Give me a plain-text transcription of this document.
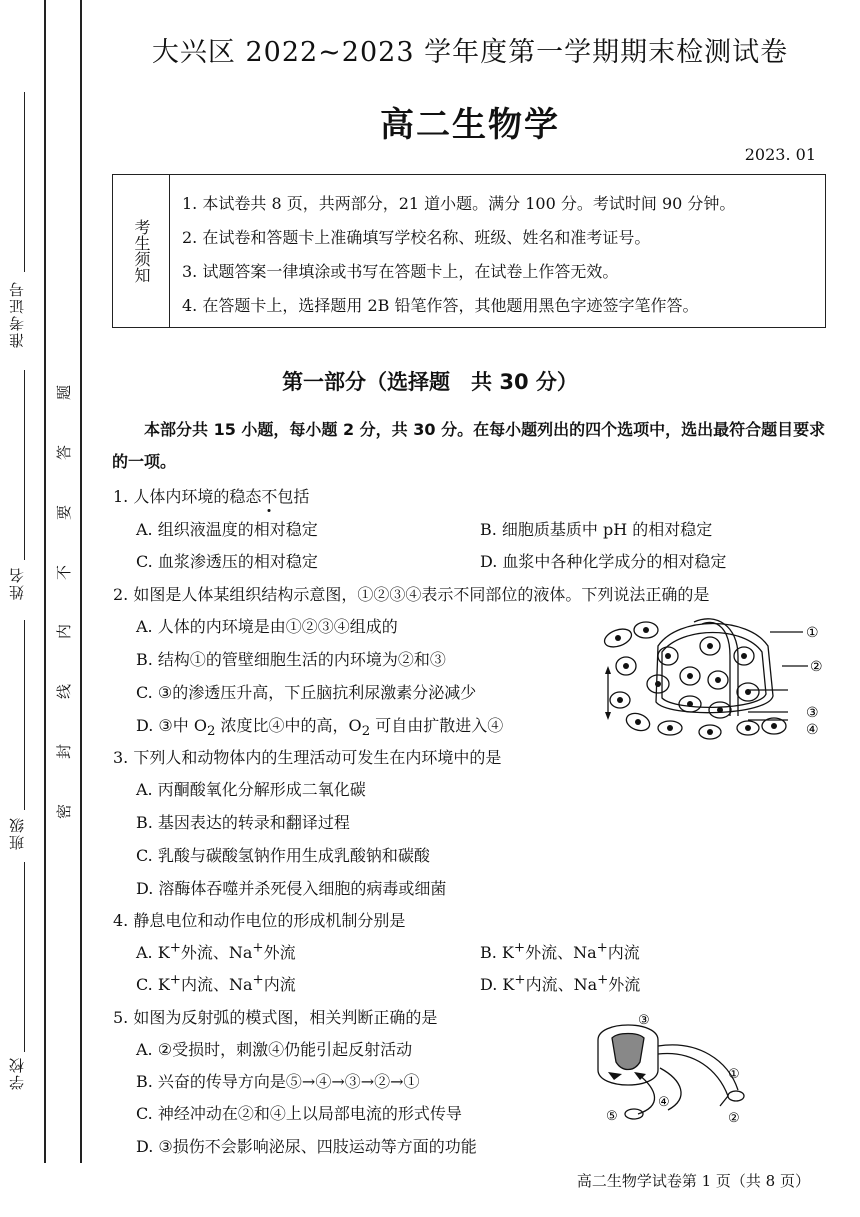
准考证号
姓名
班级
学校
题
答
要
不
内
线
封
密
大兴区 2022~2023 学年度第一学期期末检测试卷
高二生物学
2023. 01
考生须知
1. 本试卷共 8 页，共两部分，21 道小题。满分 100 分。考试时间 90 分钟。
2. 在试卷和答题卡上准确填写学校名称、班级、姓名和准考证号。
3. 试题答案一律填涂或书写在答题卡上，在试卷上作答无效。
4. 在答题卡上，选择题用 2B 铅笔作答，其他题用黑色字迹签字笔作答。
第一部分（选择题　共 30 分）
本部分共 15 小题，每小题 2 分，共 30 分。在每小题列出的四个选项中，选出最符合题目要求的一项。
1. 人体内环境的稳态不包括
A. 组织液温度的相对稳定	B. 细胞质基质中 pH 的相对稳定
C. 血浆渗透压的相对稳定	D. 血浆中各种化学成分的相对稳定
2. 如图是人体某组织结构示意图，①②③④表示不同部位的液体。下列说法正确的是
A. 人体的内环境是由①②③④组成的
B. 结构①的管壁细胞生活的内环境为②和③
C. ③的渗透压升高，下丘脑抗利尿激素分泌减少
D. ③中 $O_2$ 浓度比④中的高，$O_2$ 可自由扩散进入④
①
②
③
④
3. 下列人和动物体内的生理活动可发生在内环境中的是
A. 丙酮酸氧化分解形成二氧化碳
B. 基因表达的转录和翻译过程
C. 乳酸与碳酸氢钠作用生成乳酸钠和碳酸
D. 溶酶体吞噬并杀死侵入细胞的病毒或细菌
4. 静息电位和动作电位的形成机制分别是
A. K+外流、Na+外流	B. K+外流、Na+内流
C. K+内流、Na+内流	D. K+内流、Na+外流
5. 如图为反射弧的模式图，相关判断正确的是
A. ②受损时，刺激④仍能引起反射活动
B. 兴奋的传导方向是⑤→④→③→②→①
C. 神经冲动在②和④上以局部电流的形式传导
D. ③损伤不会影响泌尿、四肢运动等方面的功能
①
②
③
④
⑤
高二生物学试卷第 1 页（共 8 页）
